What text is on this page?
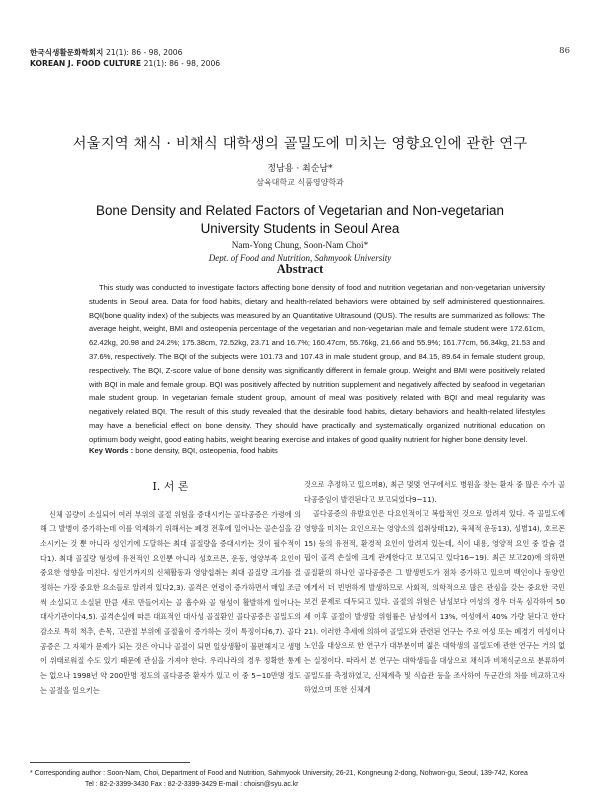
한국식생활문화학회지 21(1): 86 - 98, 2006
KOREAN J. FOOD CULTURE 21(1): 86 - 98, 2006
86
서울지역 채식 · 비채식 대학생의 골밀도에 미치는 영향요인에 관한 연구
정남용 · 최순남*
삼육대학교 식품영양학과
Bone Density and Related Factors of Vegetarian and Non-vegetarian
University Students in Seoul Area
Nam-Yong Chung, Soon-Nam Choi*
Dept. of Food and Nutrition, Sahmyook University
Abstract
This study was conducted to investigate factors affecting bone density of food and nutrition vegetarian and non-vegetarian university students in Seoul area. Data for food habits, dietary and health-related behaviors were obtained by self administered questionnaires. BQI(bone quality index) of the subjects was measured by an Quantitative Ultrasound (QUS). The results are summarized as follows: The average height, weight, BMI and osteopenia percentage of the vegetarian and non-vegetarian male and female student were 172.61cm, 62.42kg, 20.98 and 24.2%; 175.38cm, 72.52kg, 23.71 and 16.7%; 160.47cm, 55.76kg, 21.66 and 55.9%; 161.77cm, 56.34kg, 21.53 and 37.6%, respectively. The BQI of the subjects were 101.73 and 107.43 in male student group, and 84.15, 89.64 in female student group, respectively. The BQI, Z-score value of bone density was significantly different in female group. Weight and BMI were positively related with BQI in male and female group. BQI was positively affected by nutrition supplement and negatively affected by seafood in vegetarian male student group. In vegetarian female student group, amount of meal was positively related with BQI and meal regularity was negatively related BQI. The result of this study revealed that the desirable food habits, dietary behaviors and health-related lifestyles may have a beneficial effect on bone density. They should have practically and systematically organized nutritional education on optimum body weight, good eating habits, weight bearing exercise and intakes of good quality nutrient for higher bone density level.
Key Words : bone density, BQI, osteopenia, food habits
I. 서 론

신체 골량이 소실되어 여러 부위의 골절 위험을 증대시키는 골다공증은 가령에 의해 그 발병이 증가하는데 이를 억제하기 위해서는 폐경 전후에 일어나는 골손실을 감소시키는 것 뿐 아니라 성인기에 도달하는 최대 골질량을 증대시키는 것이 필수적이다1). 최대 골질량 형성에 유전적인 요인뿐 아니라 성호르몬, 운동, 영양부족 요인이 중요한 영향을 미친다. 성인기까지의 신체활동과 영양섭취는 최대 골질량 크기를 결정하는 가장 중요한 요소들로 알려져 있다2,3). 골격은 연령이 증가하면서 매일 조금씩 소실되고 소실된 만큼 새로 만들어지는 골 흡수와 골 형성이 활발하게 일어나는 대사기관이다4,5). 골격손실에 따른 대표적인 대사성 골질환인 골다공증은 골밀도의 감소로 특히 척추, 손목, 고관절 부위에 골절율이 증가하는 것이 특징이다6,7). 골다공증은 그 자체가 문제가 되는 것은 아니나 골절이 되면 일상생활이 불편해지고 생명이 위태로워질 수도 있기 때문에 관심을 가져야 한다. 우리나라의 경우 정확한 통계는 없으나 1998년 약 200만명 정도의 골다공증 환자가 있고 이 중 5~10만명 정도는 골절을 일으키는

것으로 추정하고 있으며8), 최근 몇몇 연구에서도 병원을 찾는 환자 중 많은 수가 골다공증임이 발견된다고 보고되었다9~11).

골다공증의 유발요인은 다요인적이고 복합적인 것으로 알려져 있다. 즉 골밀도에 영향을 미치는 요인으로는 영양소의 섭취상태12), 육체적 운동13), 성별14), 호르몬15) 등의 유전적, 환경적 요인이 알려져 있는데, 식이 내용, 영양적 요인 중 칼슘 결핍이 골격 손실에 크게 관계한다고 보고되고 있다16~19). 최근 보고20)에 의하면 골질환의 하나인 골다공증은 그 발생빈도가 점차 증가하고 있으며 백인이나 동양인에게서 더 빈번하게 발생하므로 사회적, 의학적으로 많은 관심을 갖는 중요한 국민 보건 문제로 대두되고 있다. 골절의 위험은 남성보다 여성의 경우 더욱 심각하여 50세 이후 골절이 발생할 위험률은 남성에서 13%, 여성에서 40% 가량 된다고 한다21). 이러한 추세에 의하여 골밀도와 관련된 연구는 주로 여성 또는 폐경기 여성이나 노인을 대상으로 한 연구가 대부분이며 젊은 대학생의 골밀도에 관한 연구는 거의 없는 실정이다. 따라서 본 연구는 대학생들을 대상으로 채식과 비채식군으로 분류하여 골밀도를 측정하였고, 신체계측 및 식습관 등을 조사하여 두군간의 차를 비교하고자 하였으며 또한 신체계

* Corresponding author : Soon-Nam, Choi, Department of Food and Nutrition, Sahmyook University, 26-21, Kongneung 2-dong, Nohwon-gu, Seoul, 139-742, Korea
Tel : 82-2-3399-3430 Fax : 82-2-3399-3429 E-mail : choisn@syu.ac.kr
